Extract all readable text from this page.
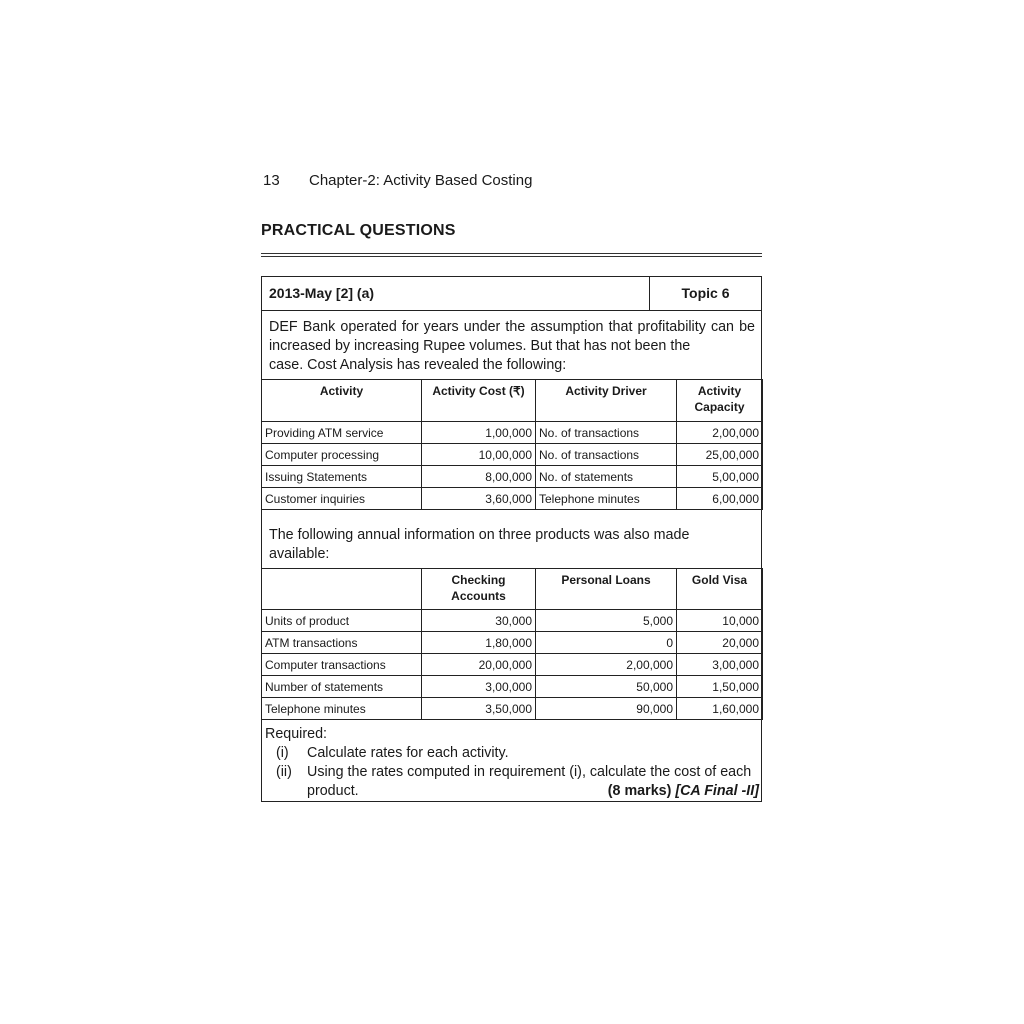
13 Chapter-2: Activity Based Costing
PRACTICAL QUESTIONS
2013-May [2] (a)	Topic 6
DEF Bank operated for years under the assumption that profitability can be increased by increasing Rupee volumes. But that has not been the
case. Cost Analysis has revealed the following:
Activity	Activity Cost (₹)	Activity Driver	Activity Capacity
Providing ATM service	1,00,000	No. of transactions	2,00,000
Computer processing	10,00,000	No. of transactions	25,00,000
Issuing Statements	8,00,000	No. of statements	5,00,000
Customer inquiries	3,60,000	Telephone minutes	6,00,000
The following annual information on three products was also made
available:
	Checking Accounts	Personal Loans	Gold Visa
Units of product	30,000	5,000	10,000
ATM transactions	1,80,000	0	20,000
Computer transactions	20,00,000	2,00,000	3,00,000
Number of statements	3,00,000	50,000	1,50,000
Telephone minutes	3,50,000	90,000	1,60,000
Required:
(i) Calculate rates for each activity.
(ii) Using the rates computed in requirement (i), calculate the cost of each product.	(8 marks) [CA Final -II]
